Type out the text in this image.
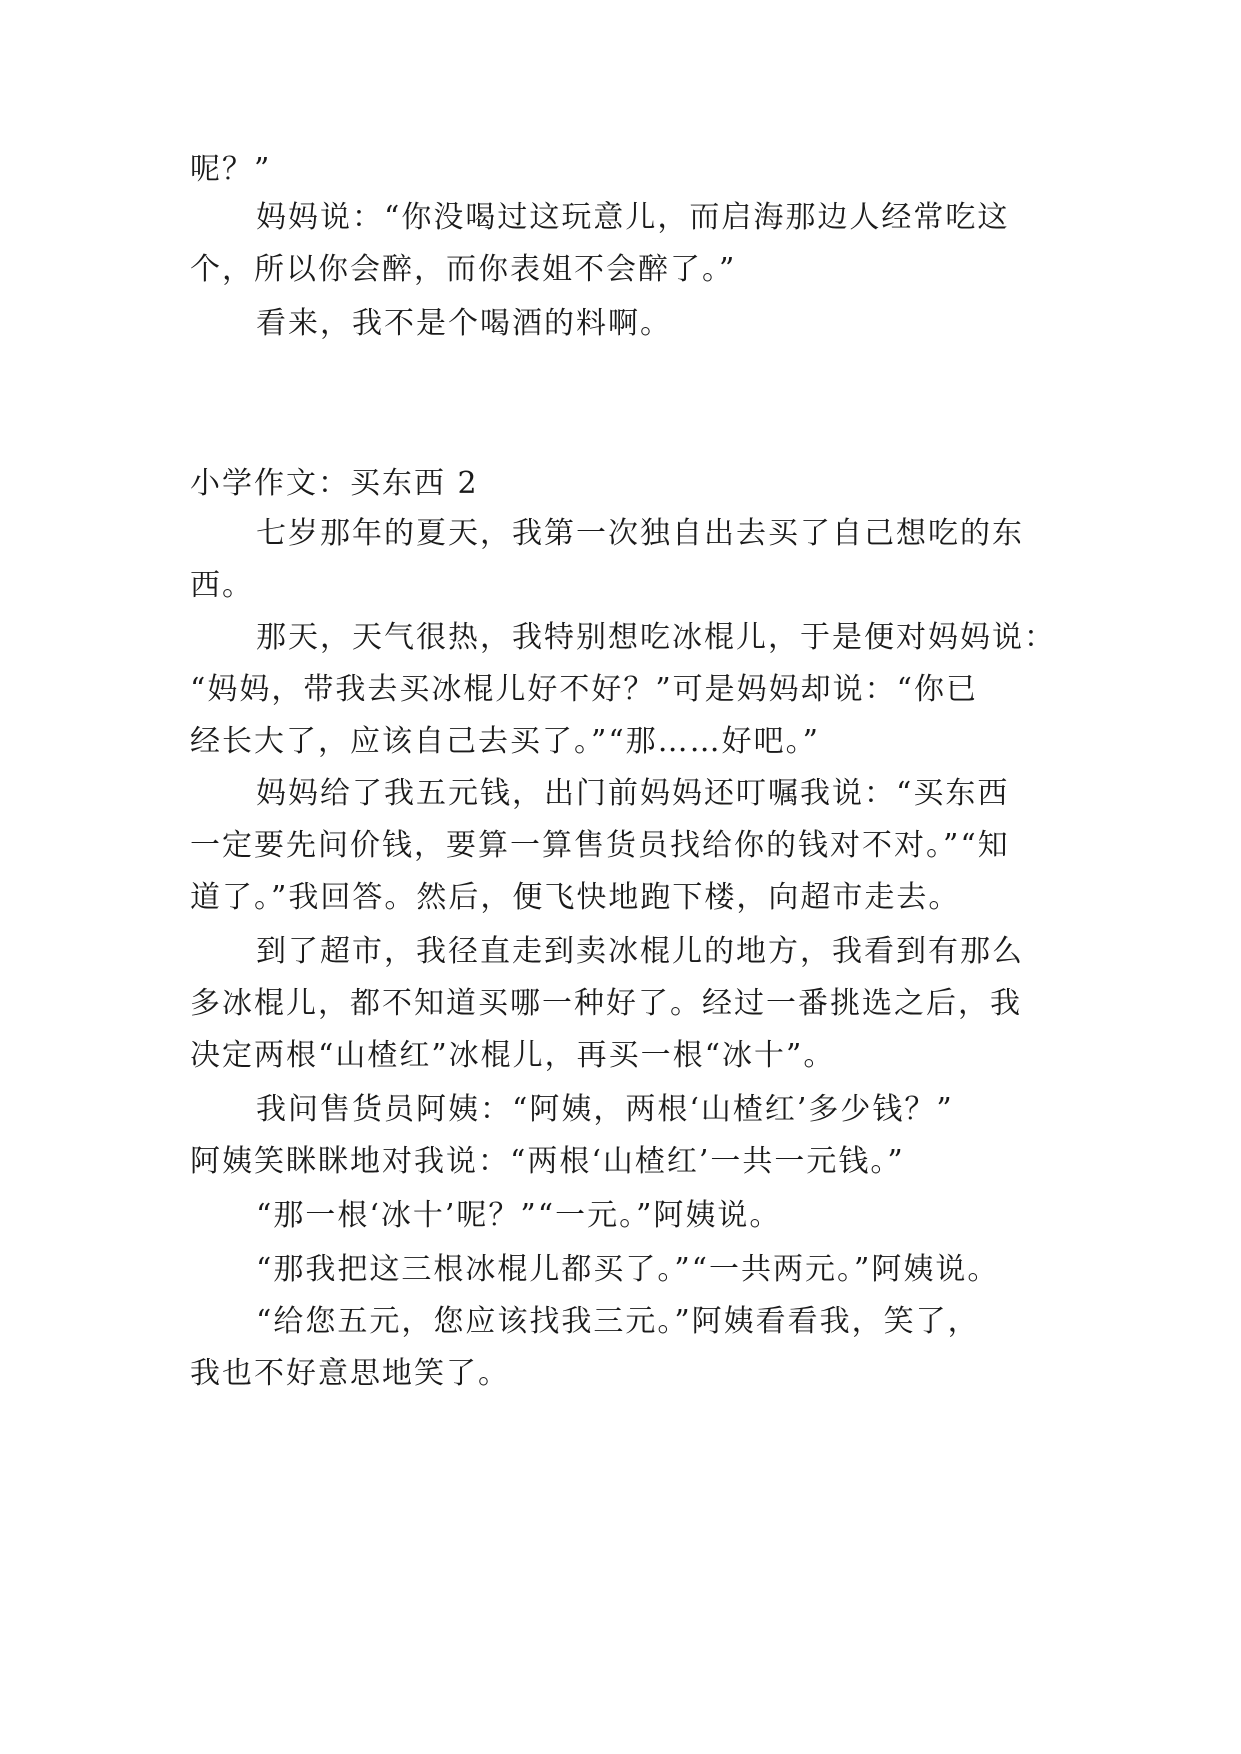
呢？”
妈妈说：“你没喝过这玩意儿，而启海那边人经常吃这
个，所以你会醉，而你表姐不会醉了。”
看来，我不是个喝酒的料啊。
小学作文：买东西 2
七岁那年的夏天，我第一次独自出去买了自己想吃的东
西。
那天，天气很热，我特别想吃冰棍儿，于是便对妈妈说：
“妈妈，带我去买冰棍儿好不好？”可是妈妈却说：“你已
经长大了，应该自己去买了。”“那……好吧。”
妈妈给了我五元钱，出门前妈妈还叮嘱我说：“买东西
一定要先问价钱，要算一算售货员找给你的钱对不对。”“知
道了。”我回答。然后，便飞快地跑下楼，向超市走去。
到了超市，我径直走到卖冰棍儿的地方，我看到有那么
多冰棍儿，都不知道买哪一种好了。经过一番挑选之后，我
决定两根“山楂红”冰棍儿，再买一根“冰十”。
我问售货员阿姨：“阿姨，两根‘山楂红’多少钱？”
阿姨笑眯眯地对我说：“两根‘山楂红’一共一元钱。”
“那一根‘冰十’呢？”“一元。”阿姨说。
“那我把这三根冰棍儿都买了。”“一共两元。”阿姨说。
“给您五元，您应该找我三元。”阿姨看看我，笑了，
我也不好意思地笑了。
